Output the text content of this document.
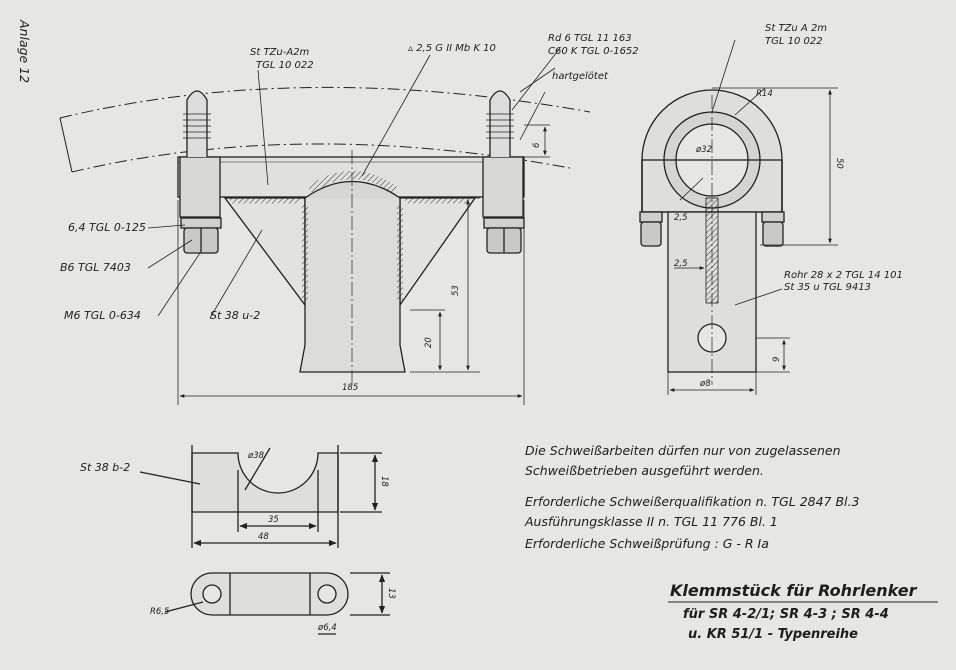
Anlage 12	St TZu-A2m
TGL 10 022
▵ 2,5 G II Mb K 10
Rd 6 TGL 11 163
C60 K TGL 0-1652
hartgelötet
St TZu A 2m
TGL 10 022
6,4 TGL 0-125
B6 TGL 7403
M6 TGL 0-634	St 38 u-2
Rohr 28 x 2 TGL 14 101
St 35 u TGL 9413
St 38 b-2
185
53
20
50
R14
ø32
2,5
2,5
9
ø8
6
ø38
18
35
48
R6,5
13
ø6,4
Die Schweißarbeiten dürfen nur von zugelassenen
Schweißbetrieben ausgeführt werden.
Erforderliche Schweißerqualifikation n. TGL 2847 Bl.3
Ausführungsklasse II n. TGL 11 776 Bl. 1
Erforderliche Schweißprüfung : G - R Ia
Klemmstück für Rohrlenker
für SR 4-2/1; SR 4-3 ; SR 4-4
u. KR 51/1 - Typenreihe
